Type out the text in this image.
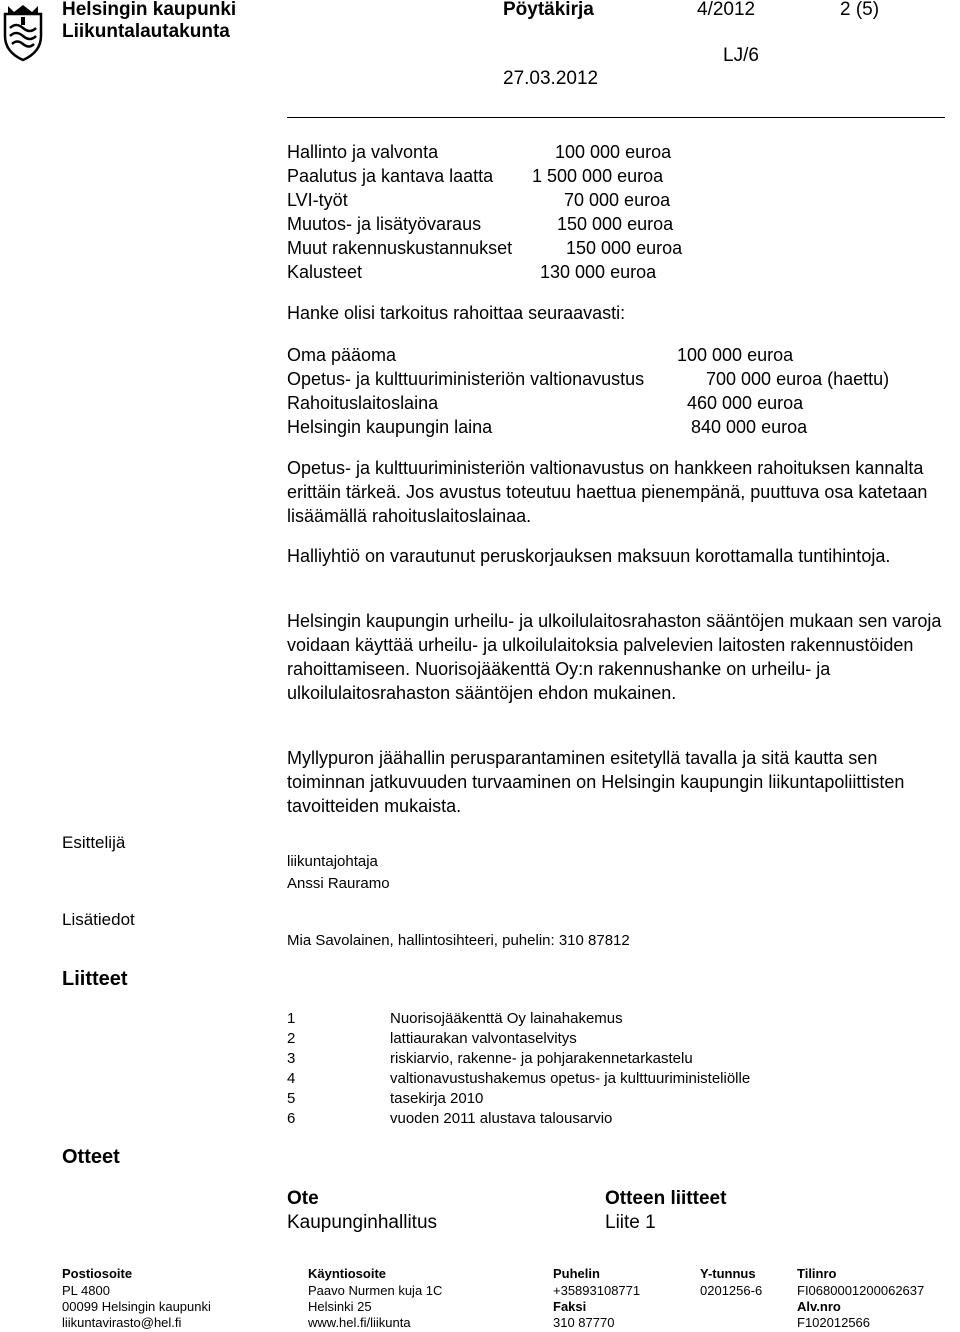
Helsingin kaupunki
Liikuntalautakunta
Pöytäkirja	4/2012	2 (5)
LJ/6
27.03.2012
Hallinto ja valvonta	100 000 euroa
Paalutus ja kantava laatta 1 500 000 euroa
LVI-työt	70 000 euroa
Muutos- ja lisätyövaraus	150 000 euroa
Muut rakennuskustannukset	150 000 euroa
Kalusteet	130 000 euroa
Hanke olisi tarkoitus rahoittaa seuraavasti:
Oma pääoma	100 000 euroa
Opetus- ja kulttuuriministeriön valtionavustus	700 000 euroa (haettu)
Rahoituslaitoslaina	460 000 euroa
Helsingin kaupungin laina	840 000 euroa

Opetus- ja kulttuuriministeriön valtionavustus on hankkeen rahoituksen kannalta erittäin tärkeä. Jos avustus toteutuu haettua pienempänä, puuttuva osa katetaan lisäämällä rahoituslaitoslainaa.

Halliyhtiö on varautunut peruskorjauksen maksuun korottamalla tuntihintoja.

Helsingin kaupungin urheilu- ja ulkoilulaitosrahaston sääntöjen mukaan sen varoja voidaan käyttää urheilu- ja ulkoilulaitoksia palvelevien laitosten rakennustöiden rahoittamiseen. Nuorisojääkenttä Oy:n rakennushanke on urheilu- ja ulkoilulaitosrahaston sääntöjen ehdon mukainen.

Myllypuron jäähallin perusparantaminen esitetyllä tavalla ja sitä kautta sen toiminnan jatkuvuuden turvaaminen on Helsingin kaupungin liikuntapoliittisten tavoitteiden mukaista.

Esittelijä
liikuntajohtaja
Anssi Rauramo
Lisätiedot
Mia Savolainen, hallintosihteeri, puhelin: 310 87812
Liitteet
1	Nuorisojääkenttä Oy lainahakemus
2	lattiaurakan valvontaselvitys
3	riskiarvio, rakenne- ja pohjarakennetarkastelu
4	valtionavustushakemus opetus- ja kulttuuriministeliölle
5	tasekirja 2010
6	vuoden 2011 alustava talousarvio
Otteet
Ote	Otteen liitteet
Kaupunginhallitus	Liite 1
Postiosoite
PL 4800
00099 Helsingin kaupunki
liikuntavirasto@hel.fi
Käyntiosoite
Paavo Nurmen kuja 1C
Helsinki 25
www.hel.fi/liikunta
Puhelin
+35893108771
Faksi
310 87770
Y-tunnus
0201256-6
Tilinro
FI0680001200062637
Alv.nro
F102012566
